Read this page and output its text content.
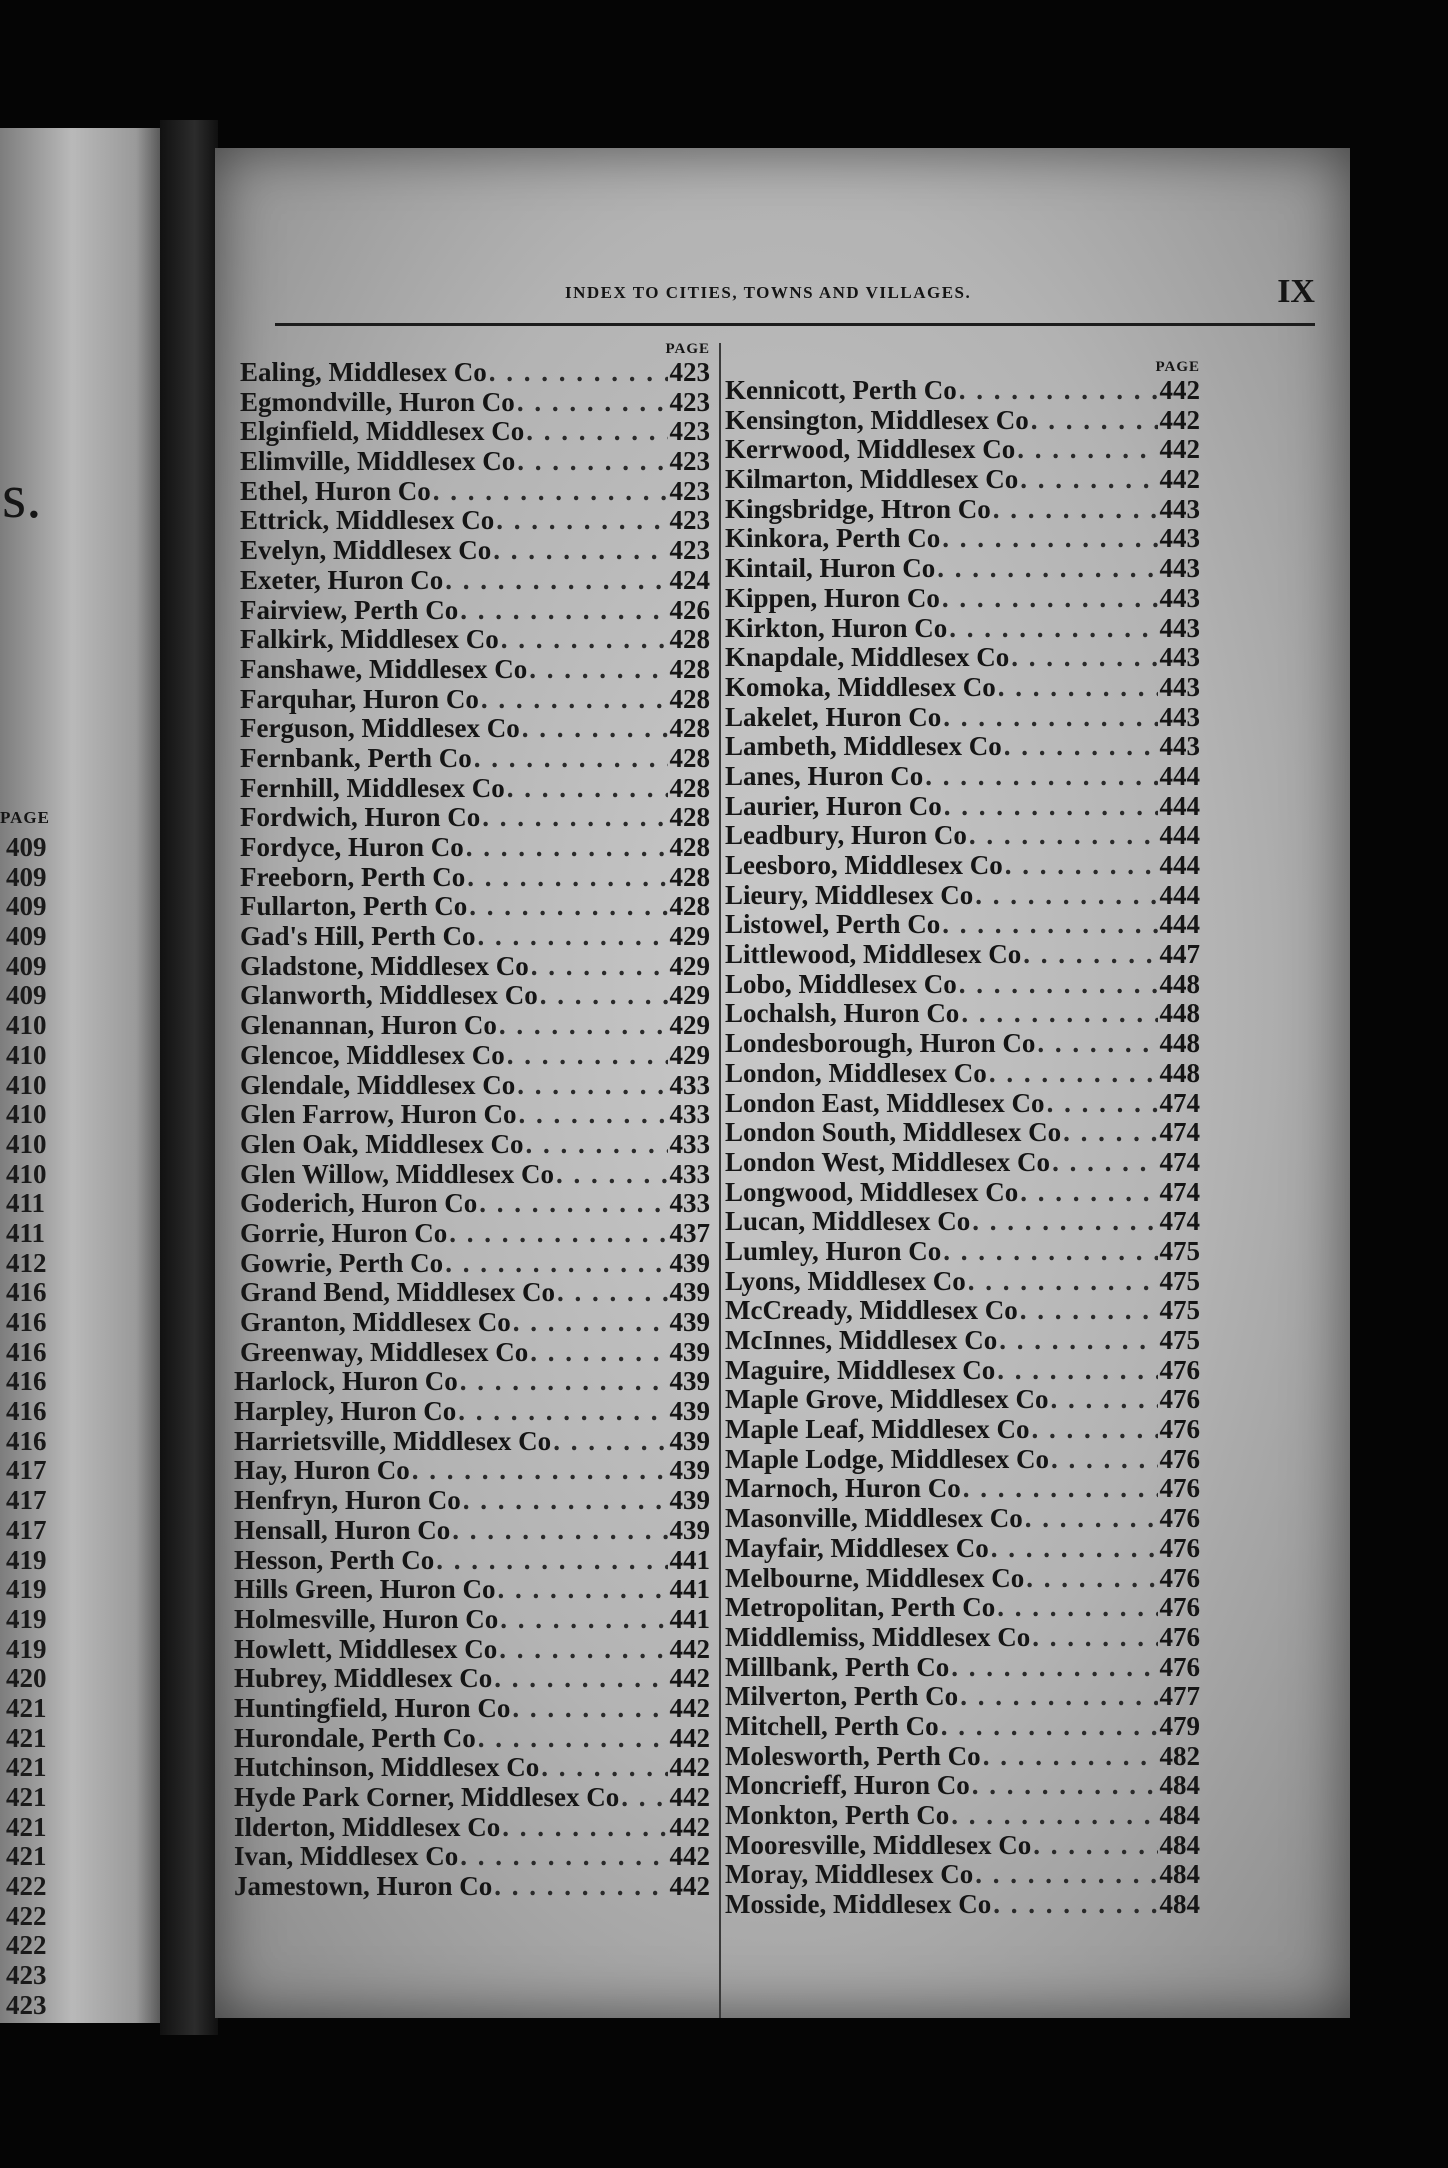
s.
PAGE
409
409
409
409
409
409
410
410
410
410
410
410
411
411
412
416
416
416
416
416
416
417
417
417
419
419
419
419
420
421
421
421
421
421
421
422
422
422
423
423
INDEX TO CITIES, TOWNS AND VILLAGES.	IX
PAGE
Ealing, Middlesex Co . . .	423
Egmondville, Huron Co . . .	423
Elginfield, Middlesex Co . . .	423
Elimville, Middlesex Co . . .	423
Ethel, Huron Co . . .	423
Ettrick, Middlesex Co . . .	423
Evelyn, Middlesex Co . . .	423
Exeter, Huron Co . . .	424
Fairview, Perth Co . . .	426
Falkirk, Middlesex Co . . .	428
Fanshawe, Middlesex Co . . .	428
Farquhar, Huron Co . . .	428
Ferguson, Middlesex Co . . .	428
Fernbank, Perth Co . . .	428
Fernhill, Middlesex Co . . .	428
Fordwich, Huron Co . . .	428
Fordyce, Huron Co . . .	428
Freeborn, Perth Co . . .	428
Fullarton, Perth Co . . .	428
Gad's Hill, Perth Co . . .	429
Gladstone, Middlesex Co . . .	429
Glanworth, Middlesex Co . . .	429
Glenannan, Huron Co . . .	429
Glencoe, Middlesex Co . . .	429
Glendale, Middlesex Co . . .	433
Glen Farrow, Huron Co . . .	433
Glen Oak, Middlesex Co . . .	433
Glen Willow, Middlesex Co . . .	433
Goderich, Huron Co . . .	433
Gorrie, Huron Co . . .	437
Gowrie, Perth Co . . .	439
Grand Bend, Middlesex Co . . .	439
Granton, Middlesex Co . . .	439
Greenway, Middlesex Co . . .	439
Harlock, Huron Co . . .	439
Harpley, Huron Co . . .	439
Harrietsville, Middlesex Co . . .	439
Hay, Huron Co . . .	439
Henfryn, Huron Co . . .	439
Hensall, Huron Co . . .	439
Hesson, Perth Co . . .	441
Hills Green, Huron Co . . .	441
Holmesville, Huron Co . . .	441
Howlett, Middlesex Co . . .	442
Hubrey, Middlesex Co . . .	442
Huntingfield, Huron Co . . .	442
Hurondale, Perth Co . . .	442
Hutchinson, Middlesex Co . . .	442
Hyde Park Corner, Middlesex Co . . . 442
Ilderton, Middlesex Co . . .	442
Ivan, Middlesex Co . . .	442
Jamestown, Huron Co . . .	442
PAGE
Kennicott, Perth Co . . .	442
Kensington, Middlesex Co . . .	442
Kerrwood, Middlesex Co . . .	442
Kilmarton, Middlesex Co . . .	442
Kingsbridge, Htron Co . . .	443
Kinkora, Perth Co . . .	443
Kintail, Huron Co . . .	443
Kippen, Huron Co . . .	443
Kirkton, Huron Co . . .	443
Knapdale, Middlesex Co . . .	443
Komoka, Middlesex Co . . .	443
Lakelet, Huron Co . . .	443
Lambeth, Middlesex Co . . .	443
Lanes, Huron Co . . .	444
Laurier, Huron Co . . .	444
Leadbury, Huron Co . . .	444
Leesboro, Middlesex Co . . .	444
Lieury, Middlesex Co . . .	444
Listowel, Perth Co . . .	444
Littlewood, Middlesex Co . . .	447
Lobo, Middlesex Co . . .	448
Lochalsh, Huron Co . . .	448
Londesborough, Huron Co . . .	448
London, Middlesex Co . . .	448
London East, Middlesex Co . . .	474
London South, Middlesex Co . . .	474
London West, Middlesex Co . . .	474
Longwood, Middlesex Co . . .	474
Lucan, Middlesex Co . . .	474
Lumley, Huron Co . . .	475
Lyons, Middlesex Co . . .	475
McCready, Middlesex Co . . .	475
McInnes, Middlesex Co . . .	475
Maguire, Middlesex Co . . .	476
Maple Grove, Middlesex Co . . .	476
Maple Leaf, Middlesex Co . . .	476
Maple Lodge, Middlesex Co . . .	476
Marnoch, Huron Co . . .	476
Masonville, Middlesex Co . . .	476
Mayfair, Middlesex Co . . .	476
Melbourne, Middlesex Co . . .	476
Metropolitan, Perth Co . . .	476
Middlemiss, Middlesex Co . . .	476
Millbank, Perth Co . . .	476
Milverton, Perth Co . . .	477
Mitchell, Perth Co . . .	479
Molesworth, Perth Co . . .	482
Moncrieff, Huron Co . . .	484
Monkton, Perth Co . . .	484
Mooresville, Middlesex Co . . .	484
Moray, Middlesex Co . . .	484
Mosside, Middlesex Co . . .	484
